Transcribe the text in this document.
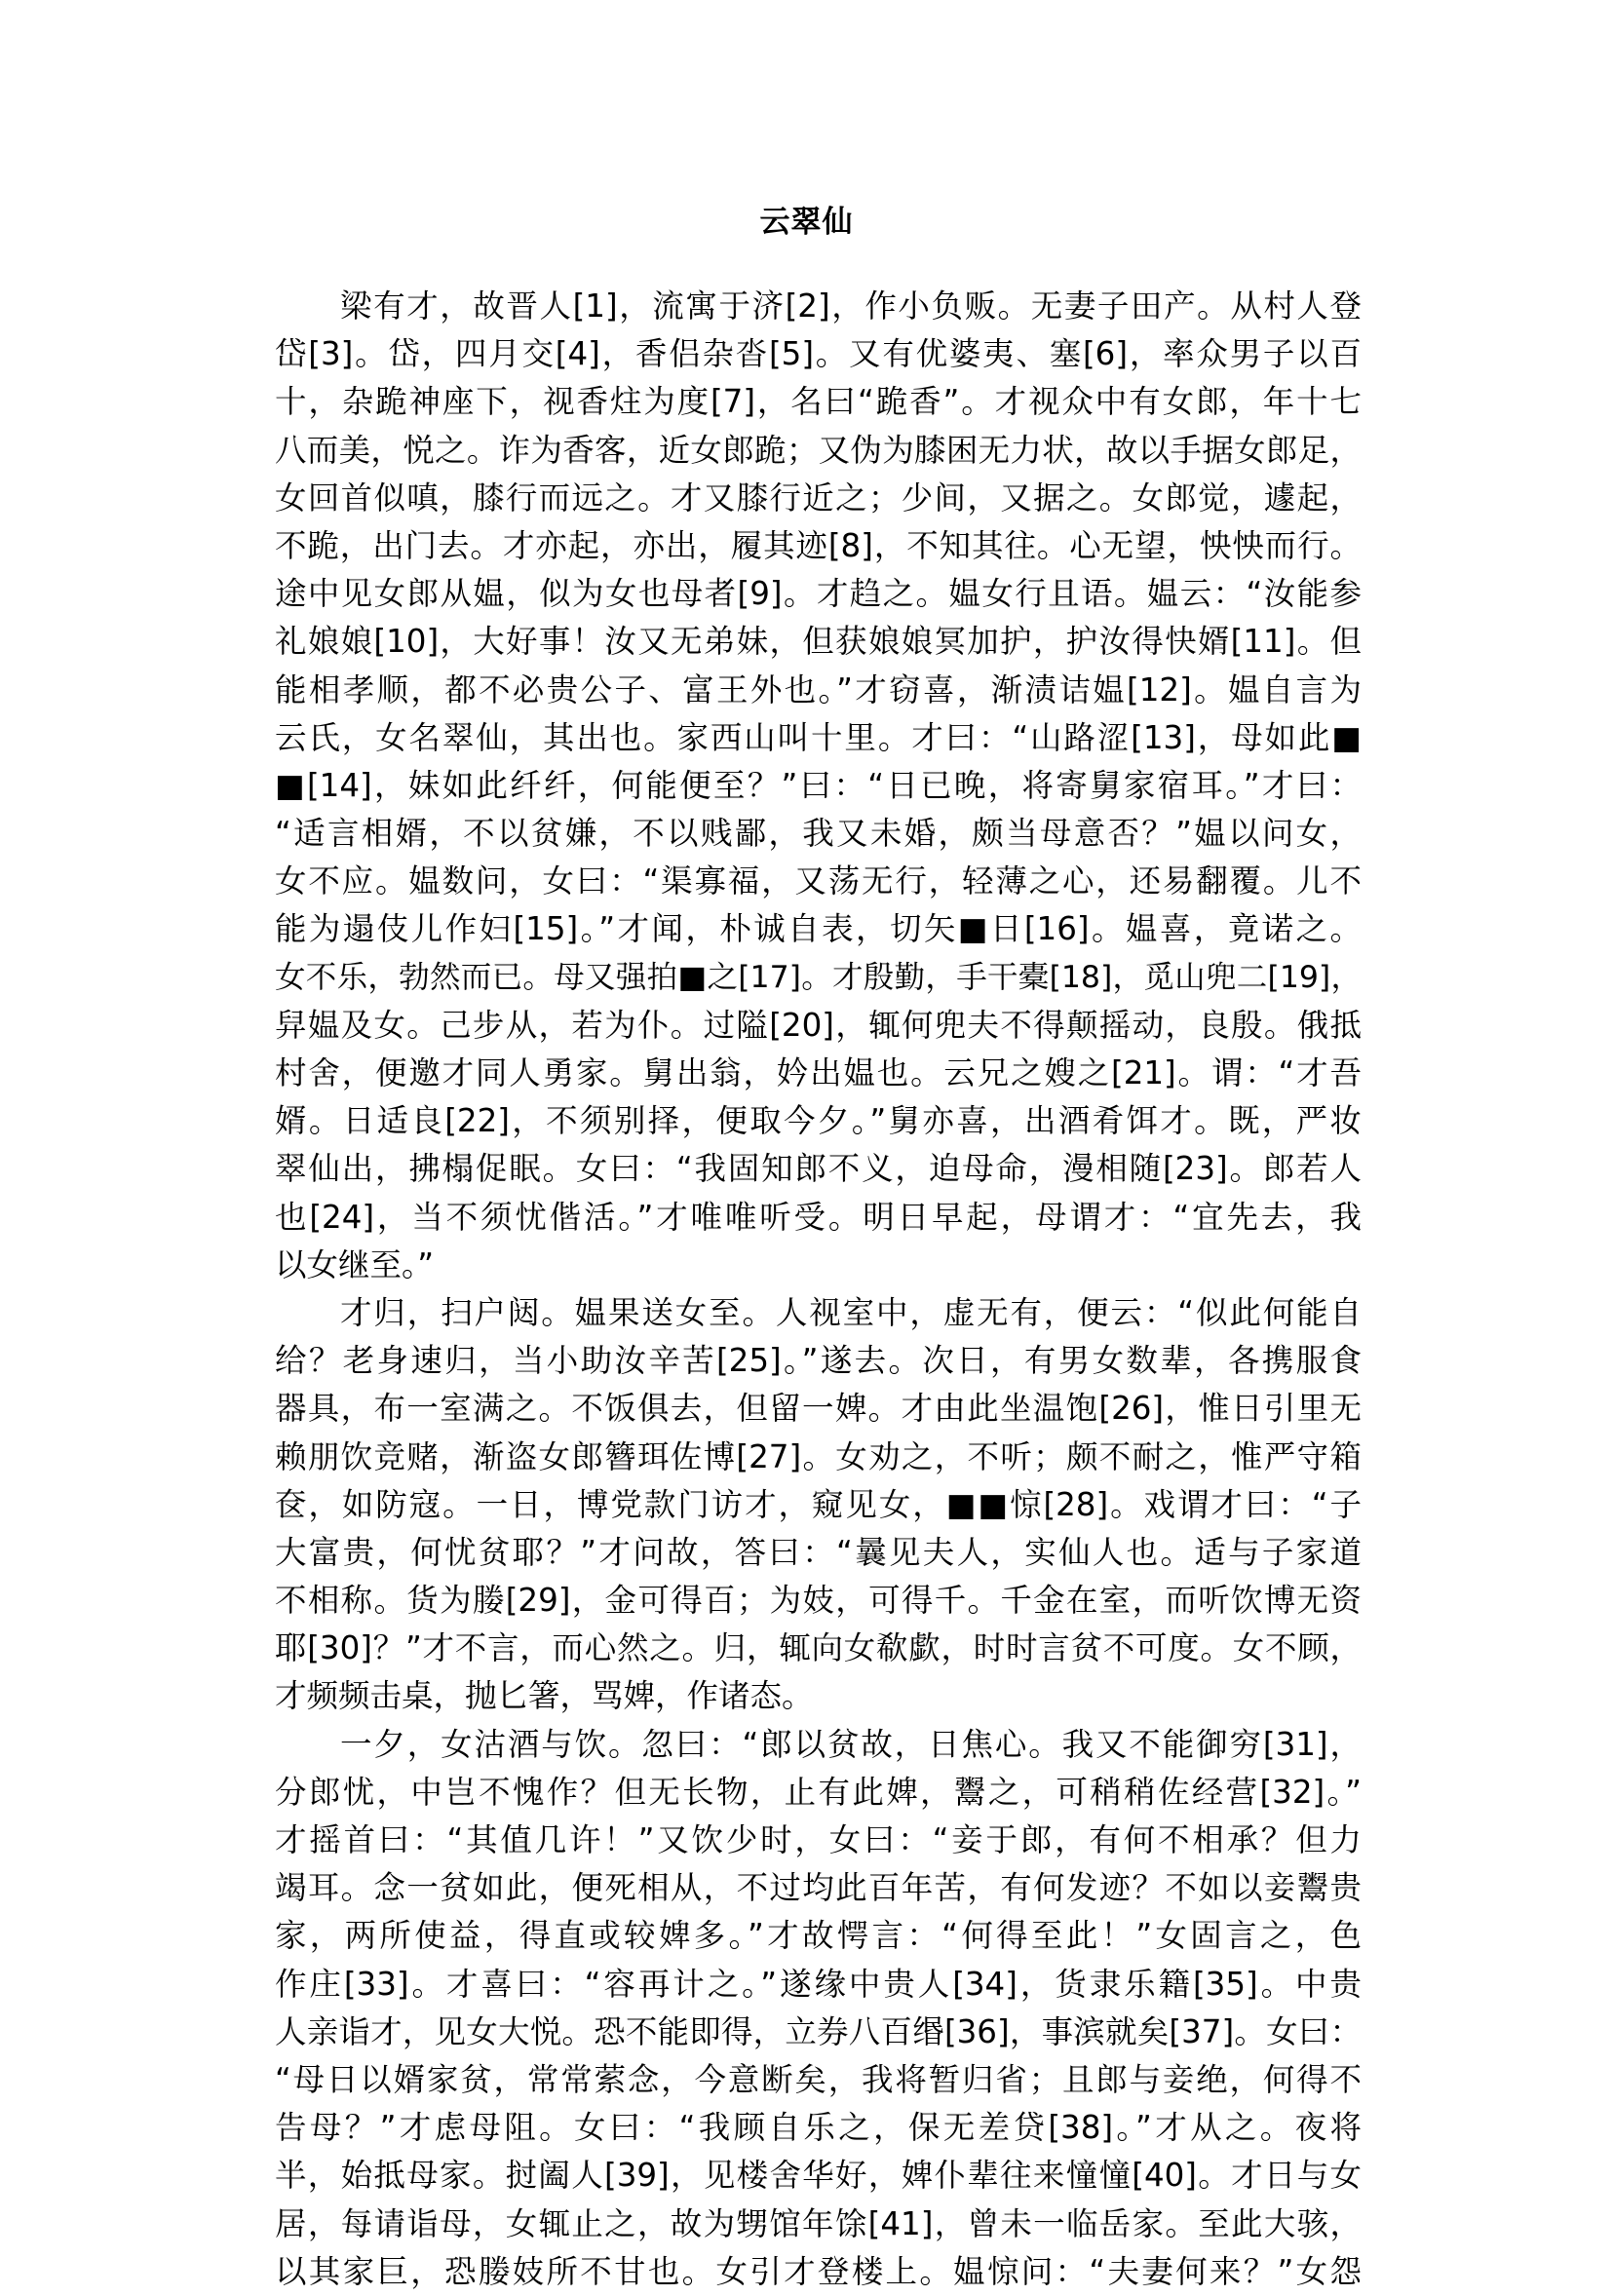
云翠仙
梁有才，故晋人[1]，流寓于济[2]，作小负贩。无妻子田产。从村人登
岱[3]。岱，四月交[4]，香侣杂沓[5]。又有优婆夷、塞[6]，率众男子以百
十，杂跪神座下，视香炷为度[7]，名曰“跪香”。才视众中有女郎，年十七
八而美，悦之。诈为香客，近女郎跪；又伪为膝困无力状，故以手据女郎足，
女回首似嗔，膝行而远之。才又膝行近之；少间，又据之。女郎觉，遽起，
不跪，出门去。才亦起，亦出，履其迹[8]，不知其往。心无望，怏怏而行。
途中见女郎从媪，似为女也母者[9]。才趋之。媪女行且语。媪云：“汝能参
礼娘娘[10]，大好事！汝又无弟妹，但获娘娘冥加护，护汝得快婿[11]。但
能相孝顺，都不必贵公子、富王外也。”才窃喜，渐渍诘媪[12]。媪自言为
云氏，女名翠仙，其出也。家西山叫十里。才曰：“山路涩[13]，母如此■
■[14]，妹如此纤纤，何能便至？”曰：“日已晚，将寄舅家宿耳。”才曰：
“适言相婿，不以贫嫌，不以贱鄙，我又未婚，颇当母意否？”媪以问女，
女不应。媪数问，女曰：“渠寡福，又荡无行，轻薄之心，还易翻覆。儿不
能为遢伎儿作妇[15]。”才闻，朴诚自表，切矢■日[16]。媪喜，竟诺之。
女不乐，勃然而已。母又强拍■之[17]。才殷勤，手干橐[18]，觅山兜二[19]，
舁媪及女。己步从，若为仆。过隘[20]，辄何兜夫不得颠摇动，良殷。俄抵
村舍，便邀才同人勇家。舅出翁，妗出媪也。云兄之嫂之[21]。谓：“才吾
婿。日适良[22]，不须别择，便取今夕。”舅亦喜，出酒肴饵才。既，严妆
翠仙出，拂榻促眠。女曰：“我固知郎不义，迫母命，漫相随[23]。郎若人
也[24]，当不须忧偕活。”才唯唯听受。明日早起，母谓才：“宜先去，我
以女继至。”
才归，扫户闼。媪果送女至。人视室中，虚无有，便云：“似此何能自
给？老身速归，当小助汝辛苦[25]。”遂去。次日，有男女数辈，各携服食
器具，布一室满之。不饭俱去，但留一婢。才由此坐温饱[26]，惟日引里无
赖朋饮竞赌，渐盗女郎簪珥佐博[27]。女劝之，不听；颇不耐之，惟严守箱
奁，如防寇。一日，博党款门访才，窥见女，■■惊[28]。戏谓才曰：“子
大富贵，何忧贫耶？”才问故，答曰：“曩见夫人，实仙人也。适与子家道
不相称。货为媵[29]，金可得百；为妓，可得千。千金在室，而听饮博无资
耶[30]？”才不言，而心然之。归，辄向女欷歔，时时言贫不可度。女不顾，
才频频击桌，抛匕箸，骂婢，作诸态。
一夕，女沽酒与饮。忽曰：“郎以贫故，日焦心。我又不能御穷[31]，
分郎忧，中岂不愧作？但无长物，止有此婢，鬻之，可稍稍佐经营[32]。”
才摇首曰：“其值几许！”又饮少时，女曰：“妾于郎，有何不相承？但力
竭耳。念一贫如此，便死相从，不过均此百年苦，有何发迹？不如以妾鬻贵
家，两所使益，得直或较婢多。”才故愕言：“何得至此！”女固言之，色
作庄[33]。才喜曰：“容再计之。”遂缘中贵人[34]，货隶乐籍[35]。中贵
人亲诣才，见女大悦。恐不能即得，立券八百缗[36]，事滨就矣[37]。女曰：
“母日以婿家贫，常常萦念，今意断矣，我将暂归省；且郎与妾绝，何得不
告母？”才虑母阻。女曰：“我顾自乐之，保无差贷[38]。”才从之。夜将
半，始抵母家。挝阖人[39]，见楼舍华好，婢仆辈往来憧憧[40]。才日与女
居，每请诣母，女辄止之，故为甥馆年馀[41]，曾未一临岳家。至此大骇，
以其家巨，恐媵妓所不甘也。女引才登楼上。媪惊问：“夫妻何来？”女怨
